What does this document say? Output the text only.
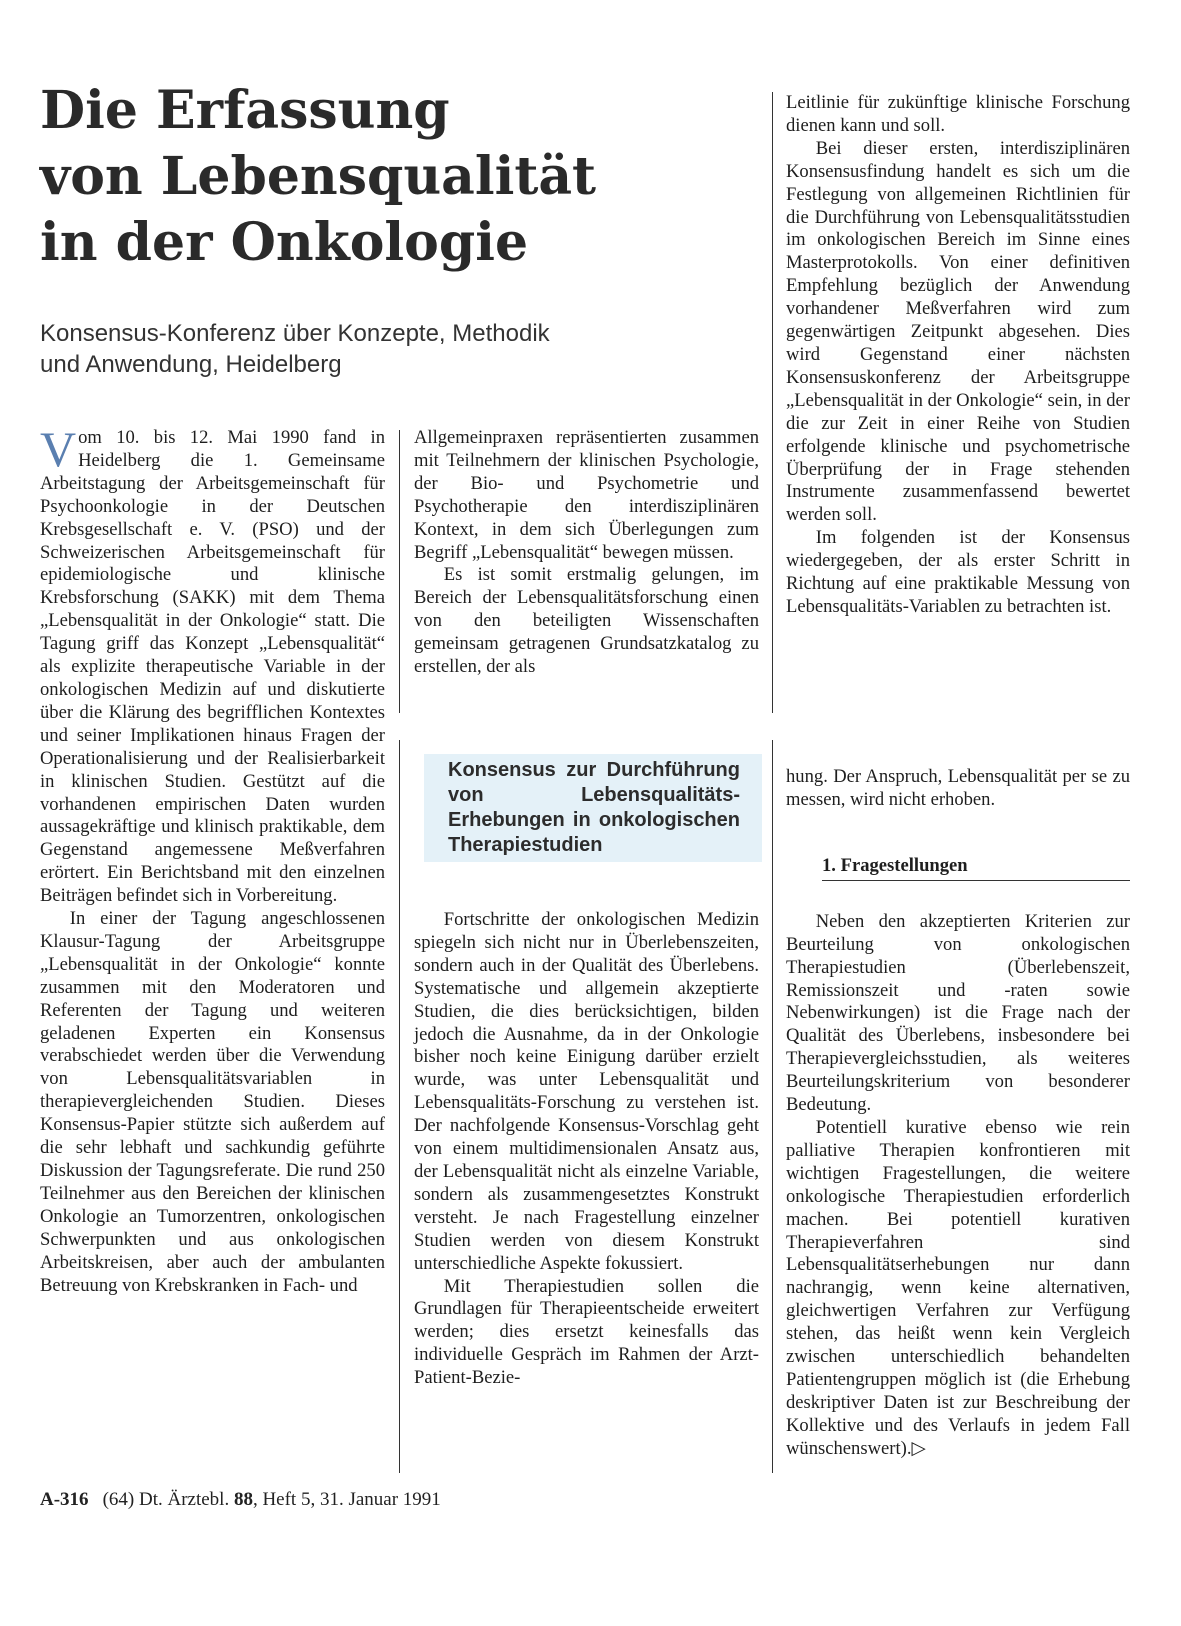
Die Erfassung
von Lebensqualität
in der Onkologie
Konsensus-Konferenz über Konzepte, Methodik
und Anwendung, Heidelberg

Vom 10. bis 12. Mai 1990 fand in Heidelberg die 1. Gemeinsame Arbeitstagung der Arbeitsgemeinschaft für Psychoonkologie in der Deutschen Krebsgesellschaft e. V. (PSO) und der Schweizerischen Arbeitsgemeinschaft für epidemiologische und klinische Krebsforschung (SAKK) mit dem Thema „Lebensqualität in der Onkologie“ statt. Die Tagung griff das Konzept „Lebensqualität“ als explizite therapeutische Variable in der onkologischen Medizin auf und diskutierte über die Klärung des begrifflichen Kontextes und seiner Implikationen hinaus Fragen der Operationalisierung und der Realisierbarkeit in klinischen Studien. Gestützt auf die vorhandenen empirischen Daten wurden aussagekräftige und klinisch praktikable, dem Gegenstand angemessene Meßverfahren erörtert. Ein Berichtsband mit den einzelnen Beiträgen befindet sich in Vorbereitung.

In einer der Tagung angeschlossenen Klausur-Tagung der Arbeitsgruppe „Lebensqualität in der Onkologie“ konnte zusammen mit den Moderatoren und Referenten der Tagung und weiteren geladenen Experten ein Konsensus verabschiedet werden über die Verwendung von Lebensqualitätsvariablen in therapievergleichenden Studien. Dieses Konsensus-Papier stützte sich außerdem auf die sehr lebhaft und sachkundig geführte Diskussion der Tagungsreferate. Die rund 250 Teilnehmer aus den Bereichen der klinischen Onkologie an Tumorzentren, onkologischen Schwerpunkten und aus onkologischen Arbeitskreisen, aber auch der ambulanten Betreuung von Krebskranken in Fach- und

Allgemeinpraxen repräsentierten zusammen mit Teilnehmern der klinischen Psychologie, der Bio- und Psychometrie und Psychotherapie den interdisziplinären Kontext, in dem sich Überlegungen zum Begriff „Lebensqualität“ bewegen müssen.

Es ist somit erstmalig gelungen, im Bereich der Lebensqualitätsforschung einen von den beteiligten Wissenschaften gemeinsam getragenen Grundsatzkatalog zu erstellen, der als

Leitlinie für zukünftige klinische Forschung dienen kann und soll.

Bei dieser ersten, interdisziplinären Konsensusfindung handelt es sich um die Festlegung von allgemeinen Richtlinien für die Durchführung von Lebensqualitätsstudien im onkologischen Bereich im Sinne eines Masterprotokolls. Von einer definitiven Empfehlung bezüglich der Anwendung vorhandener Meßverfahren wird zum gegenwärtigen Zeitpunkt abgesehen. Dies wird Gegenstand einer nächsten Konsensuskonferenz der Arbeitsgruppe „Lebensqualität in der Onkologie“ sein, in der die zur Zeit in einer Reihe von Studien erfolgende klinische und psychometrische Überprüfung der in Frage stehenden Instrumente zusammenfassend bewertet werden soll.

Im folgenden ist der Konsensus wiedergegeben, der als erster Schritt in Richtung auf eine praktikable Messung von Lebensqualitäts-Variablen zu betrachten ist.

Konsensus zur Durchführung von Lebensqualitäts-Erhebungen in onkologischen Therapiestudien

Fortschritte der onkologischen Medizin spiegeln sich nicht nur in Überlebenszeiten, sondern auch in der Qualität des Überlebens. Systematische und allgemein akzeptierte Studien, die dies berücksichtigen, bilden jedoch die Ausnahme, da in der Onkologie bisher noch keine Einigung darüber erzielt wurde, was unter Lebensqualität und Lebensqualitäts-Forschung zu verstehen ist. Der nachfolgende Konsensus-Vorschlag geht von einem multidimensionalen Ansatz aus, der Lebensqualität nicht als einzelne Variable, sondern als zusammengesetztes Konstrukt versteht. Je nach Fragestellung einzelner Studien werden von diesem Konstrukt unterschiedliche Aspekte fokussiert.

Mit Therapiestudien sollen die Grundlagen für Therapieentscheide erweitert werden; dies ersetzt keinesfalls das individuelle Gespräch im Rahmen der Arzt-Patient-Bezie-

hung. Der Anspruch, Lebensqualität per se zu messen, wird nicht erhoben.

Neben den akzeptierten Kriterien zur Beurteilung von onkologischen Therapiestudien (Überlebenszeit, Remissionszeit und -raten sowie Nebenwirkungen) ist die Frage nach der Qualität des Überlebens, insbesondere bei Therapievergleichsstudien, als weiteres Beurteilungskriterium von besonderer Bedeutung.

Potentiell kurative ebenso wie rein palliative Therapien konfrontieren mit wichtigen Fragestellungen, die weitere onkologische Therapiestudien erforderlich machen. Bei potentiell kurativen Therapieverfahren sind Lebensqualitätserhebungen nur dann nachrangig, wenn keine alternativen, gleichwertigen Verfahren zur Verfügung stehen, das heißt wenn kein Vergleich zwischen unterschiedlich behandelten Patientengruppen möglich ist (die Erhebung deskriptiver Daten ist zur Beschreibung der Kollektive und des Verlaufs in jedem Fall wünschenswert).▷

1. Fragestellungen
A-316 (64) Dt. Ärztebl. 88, Heft 5, 31. Januar 1991
